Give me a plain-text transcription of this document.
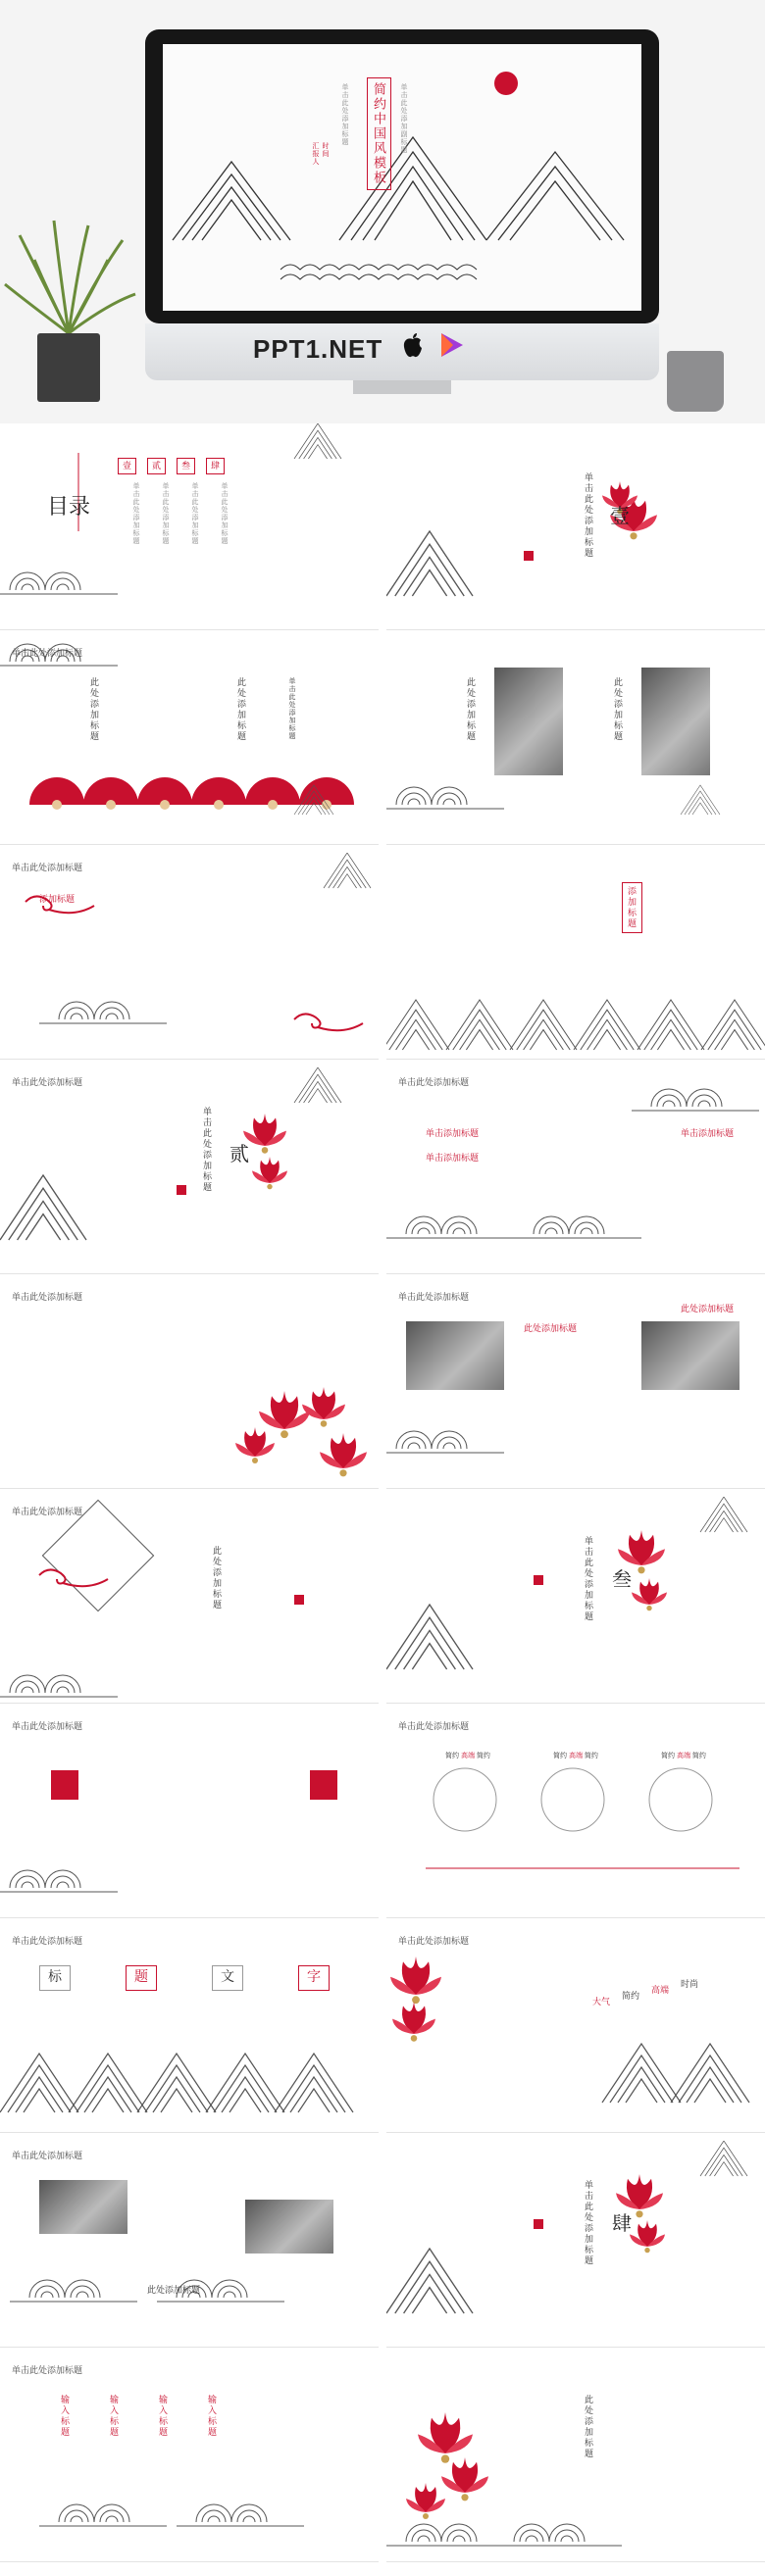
简约中国风模板
单击此处添加标题	单击此处添加副标题
汇报人 时间
PPT1.NET
目录
壹
单击此处添加标题
贰
单击此处添加标题
叁
单击此处添加标题
肆
单击此处添加标题	壹
单击此处添加标题
单击此处添加标题
此处添加标题	此处添加标题	单击此处添加标题	此处添加标题	此处添加标题
单击此处添加标题
添加标题	添加标题
单击此处添加标题
贰
单击此处添加标题
单击此处添加标题
单击添加标题
单击添加标题
单击添加标题
单击此处添加标题	单击此处添加标题
此处添加标题
此处添加标题
单击此处添加标题
此处添加标题	叁
单击此处添加标题
单击此处添加标题	单击此处添加标题
简约 高端 简约	简约 高端 简约	简约 高端 简约
单击此处添加标题
标	题	文	字
单击此处添加标题
大气
简约
高端
时尚
单击此处添加标题
此处添加标题
肆
单击此处添加标题
单击此处添加标题
输入标题	输入标题	输入标题	输入标题	此处添加标题
